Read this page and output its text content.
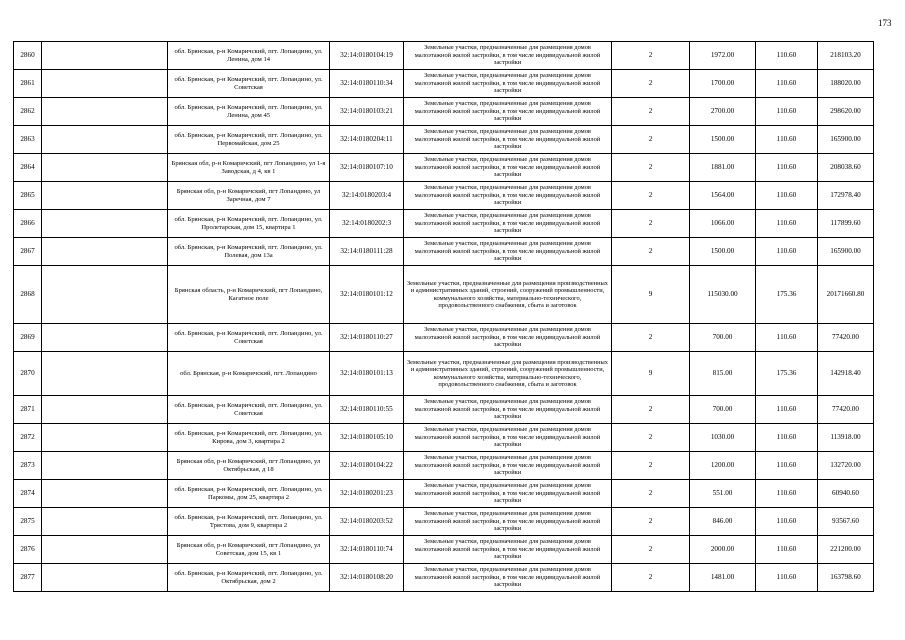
173
2860		обл. Брянская, р-н Комаричский, пгт. Лопандино, ул. Ленина, дом 14	32:14:0180104:19	Земельные участки, предназначенные для размещения домов малоэтажной жилой застройки, в том числе индивидуальной жилой застройки	2	1972.00	110.60	218103.20
2861		обл. Брянская, р-н Комаричский, пгт. Лопандино, ул. Советская	32:14:0180110:34	Земельные участки, предназначенные для размещения домов малоэтажной жилой застройки, в том числе индивидуальной жилой застройки	2	1700.00	110.60	188020.00
2862		обл. Брянская, р-н Комаричский, пгт. Лопандино, ул. Ленина, дом 45	32:14:0180103:21	Земельные участки, предназначенные для размещения домов малоэтажной жилой застройки, в том числе индивидуальной жилой застройки	2	2700.00	110.60	298620.00
2863		обл. Брянская, р-н Комаричский, пгт. Лопандино, ул. Первомайская, дом 25	32:14:0180204:11	Земельные участки, предназначенные для размещения домов малоэтажной жилой застройки, в том числе индивидуальной жилой застройки	2	1500.00	110.60	165900.00
2864		Брянская обл, р-н Комаричский, пгт Лопандино, ул 1-я Заводская, д 4, кв 1	32:14:0180107:10	Земельные участки, предназначенные для размещения домов малоэтажной жилой застройки, в том числе индивидуальной жилой застройки	2	1881.00	110.60	208038.60
2865		Брянская обл, р-н Комаричский, пгт Лопандино, ул Заречная, дом 7	32:14:0180203:4	Земельные участки, предназначенные для размещения домов малоэтажной жилой застройки, в том числе индивидуальной жилой застройки	2	1564.00	110.60	172978.40
2866		обл. Брянская, р-н Комаричский, пгт. Лопандино, ул. Пролетарская, дом 15, квартира 1	32:14:0180202:3	Земельные участки, предназначенные для размещения домов малоэтажной жилой застройки, в том числе индивидуальной жилой застройки	2	1066.00	110.60	117899.60
2867		обл. Брянская, р-н Комаричский, пгт. Лопандино, ул. Полевая, дом 13а	32:14:0180111:28	Земельные участки, предназначенные для размещения домов малоэтажной жилой застройки, в том числе индивидуальной жилой застройки	2	1500.00	110.60	165900.00
2868		Брянская область, р-н Комаричский, пгт Лопандино, Кагатное поле	32:14:0180101:12	Земельные участки, предназначенные для размещения производственных и административных зданий, строений, сооружений промышленности, коммунального хозяйства, материально-технического, продовольственного снабжения, сбыта и заготовок	9	115030.00	175.36	20171660.80
2869		обл. Брянская, р-н Комаричский, пгт. Лопандино, ул. Советская	32:14:0180110:27	Земельные участки, предназначенные для размещения домов малоэтажной жилой застройки, в том числе индивидуальной жилой застройки	2	700.00	110.60	77420.00
2870		обл. Брянская, р-н Комаричский, пгт. Лопандино	32:14:0180101:13	Земельные участки, предназначенные для размещения производственных и административных зданий, строений, сооружений промышленности, коммунального хозяйства, материально-технического, продовольственного снабжения, сбыта и заготовок	9	815.00	175.36	142918.40
2871		обл. Брянская, р-н Комаричский, пгт. Лопандино, ул. Советская	32:14:0180110:55	Земельные участки, предназначенные для размещения домов малоэтажной жилой застройки, в том числе индивидуальной жилой застройки	2	700.00	110.60	77420.00
2872		обл. Брянская, р-н Комаричский, пгт. Лопандино, ул. Кирова, дом 3, квартира 2	32:14:0180105:10	Земельные участки, предназначенные для размещения домов малоэтажной жилой застройки, в том числе индивидуальной жилой застройки	2	1030.00	110.60	113918.00
2873		Брянская обл, р-н Комаричский, пгт Лопандино, ул Октябрьская, д 18	32:14:0180104:22	Земельные участки, предназначенные для размещения домов малоэтажной жилой застройки, в том числе индивидуальной жилой застройки	2	1200.00	110.60	132720.00
2874		обл. Брянская, р-н Комаричский, пгт. Лопандино, ул. Паркомы, дом 25, квартира 2	32:14:0180201:23	Земельные участки, предназначенные для размещения домов малоэтажной жилой застройки, в том числе индивидуальной жилой застройки	2	551.00	110.60	60940.60
2875		обл. Брянская, р-н Комаричский, пгт. Лопандино, ул. Трястова, дом 9, квартира 2	32:14:0180203:52	Земельные участки, предназначенные для размещения домов малоэтажной жилой застройки, в том числе индивидуальной жилой застройки	2	846.00	110.60	93567.60
2876		Брянская обл, р-н Комаричский, пгт Лопандино, ул Советская, дом 15, кв 1	32:14:0180110:74	Земельные участки, предназначенные для размещения домов малоэтажной жилой застройки, в том числе индивидуальной жилой застройки	2	2000.00	110.60	221200.00
2877		обл. Брянская, р-н Комаричский, пгт. Лопандино, ул. Октябрьская, дом 2	32:14:0180108:20	Земельные участки, предназначенные для размещения домов малоэтажной жилой застройки, в том числе индивидуальной жилой застройки	2	1481.00	110.60	163798.60
